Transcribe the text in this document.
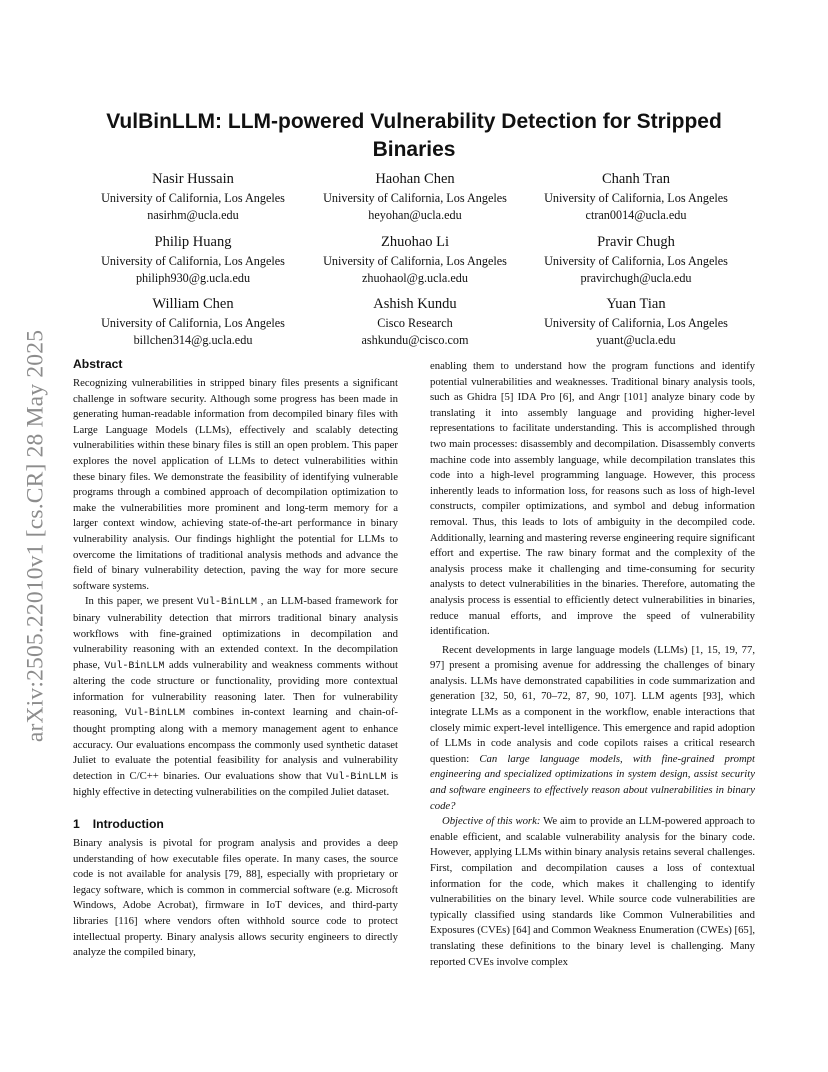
arXiv:2505.22010v1 [cs.CR] 28 May 2025
VulBinLLM: LLM-powered Vulnerability Detection for Stripped Binaries
Nasir Hussain
University of California, Los Angeles
nasirhm@ucla.edu
Haohan Chen
University of California, Los Angeles
heyohan@ucla.edu
Chanh Tran
University of California, Los Angeles
ctran0014@ucla.edu
Philip Huang
University of California, Los Angeles
philiph930@g.ucla.edu
Zhuohao Li
University of California, Los Angeles
zhuohaol@g.ucla.edu
Pravir Chugh
University of California, Los Angeles
pravirchugh@ucla.edu
William Chen
University of California, Los Angeles
billchen314@g.ucla.edu
Ashish Kundu
Cisco Research
ashkundu@cisco.com
Yuan Tian
University of California, Los Angeles
yuant@ucla.edu
Abstract

Recognizing vulnerabilities in stripped binary files presents a significant challenge in software security. Although some progress has been made in generating human-readable information from decompiled binary files with Large Language Models (LLMs), effectively and scalably detecting vulnerabilities within these binary files is still an open problem. This paper explores the novel application of LLMs to detect vulnerabilities within these binary files. We demonstrate the feasibility of identifying vulnerable programs through a combined approach of decompilation optimization to make the vulnerabilities more prominent and long-term memory for a larger context window, achieving state-of-the-art performance in binary vulnerability analysis. Our findings highlight the potential for LLMs to overcome the limitations of traditional analysis methods and advance the field of binary vulnerability detection, paving the way for more secure software systems.

In this paper, we present Vul-BinLLM , an LLM-based framework for binary vulnerability detection that mirrors traditional binary analysis workflows with fine-grained optimizations in decompilation and vulnerability reasoning with an extended context. In the decompilation phase, Vul-BinLLM adds vulnerability and weakness comments without altering the code structure or functionality, providing more contextual information for vulnerability reasoning later. Then for vulnerability reasoning, Vul-BinLLM combines in-context learning and chain-of-thought prompting along with a memory management agent to enhance accuracy. Our evaluations encompass the commonly used synthetic dataset Juliet to evaluate the potential feasibility for analysis and vulnerability detection in C/C++ binaries. Our evaluations show that Vul-BinLLM is highly effective in detecting vulnerabilities on the compiled Juliet dataset.

1 Introduction

Binary analysis is pivotal for program analysis and provides a deep understanding of how executable files operate. In many cases, the source code is not available for analysis [79, 88], especially with proprietary or legacy software, which is common in commercial software (e.g. Microsoft Windows, Adobe Acrobat), firmware in IoT devices, and third-party libraries [116] where vendors often withhold source code to protect intellectual property. Binary analysis allows security engineers to directly analyze the compiled binary,

enabling them to understand how the program functions and identify potential vulnerabilities and weaknesses. Traditional binary analysis tools, such as Ghidra [5] IDA Pro [6], and Angr [101] analyze binary code by translating it into assembly language and providing higher-level representations to facilitate understanding. This is accomplished through two main processes: disassembly and decompilation. Disassembly converts machine code into assembly language, while decompilation translates this code into a high-level programming language. However, this process inherently leads to information loss, for reasons such as loss of high-level constructs, compiler optimizations, and symbol and debug information removal. Thus, this leads to lots of ambiguity in the decompiled code. Additionally, learning and mastering reverse engineering require significant effort and expertise. The raw binary format and the complexity of the analysis process make it challenging and time-consuming for security analysts to detect vulnerabilities in the binaries. Therefore, automating the analysis process is essential to efficiently detect vulnerabilities in binaries, reduce manual efforts, and improve the speed of vulnerability identification.

Recent developments in large language models (LLMs) [1, 15, 19, 77, 97] present a promising avenue for addressing the challenges of binary analysis. LLMs have demonstrated capabilities in code summarization and generation [32, 50, 61, 70–72, 87, 90, 107]. LLM agents [93], which integrate LLMs as a component in the workflow, enable interactions that closely mimic expert-level intelligence. This emergence and rapid adoption of LLMs in code analysis and code copilots raises a critical research question: Can large language models, with fine-grained prompt engineering and specialized optimizations in system design, assist security and software engineers to effectively reason about vulnerabilities in binary code?

Objective of this work: We aim to provide an LLM-powered approach to enable efficient, and scalable vulnerability analysis for the binary code. However, applying LLMs within binary analysis retains several challenges. First, compilation and decompilation causes a loss of contextual information for the code, which makes it challenging to identify vulnerabilities on the binary level. While source code vulnerabilities are typically classified using standards like Common Vulnerabilities and Exposures (CVEs) [64] and Common Weakness Enumeration (CWEs) [65], translating these definitions to the binary level is challenging. Many reported CVEs involve complex
